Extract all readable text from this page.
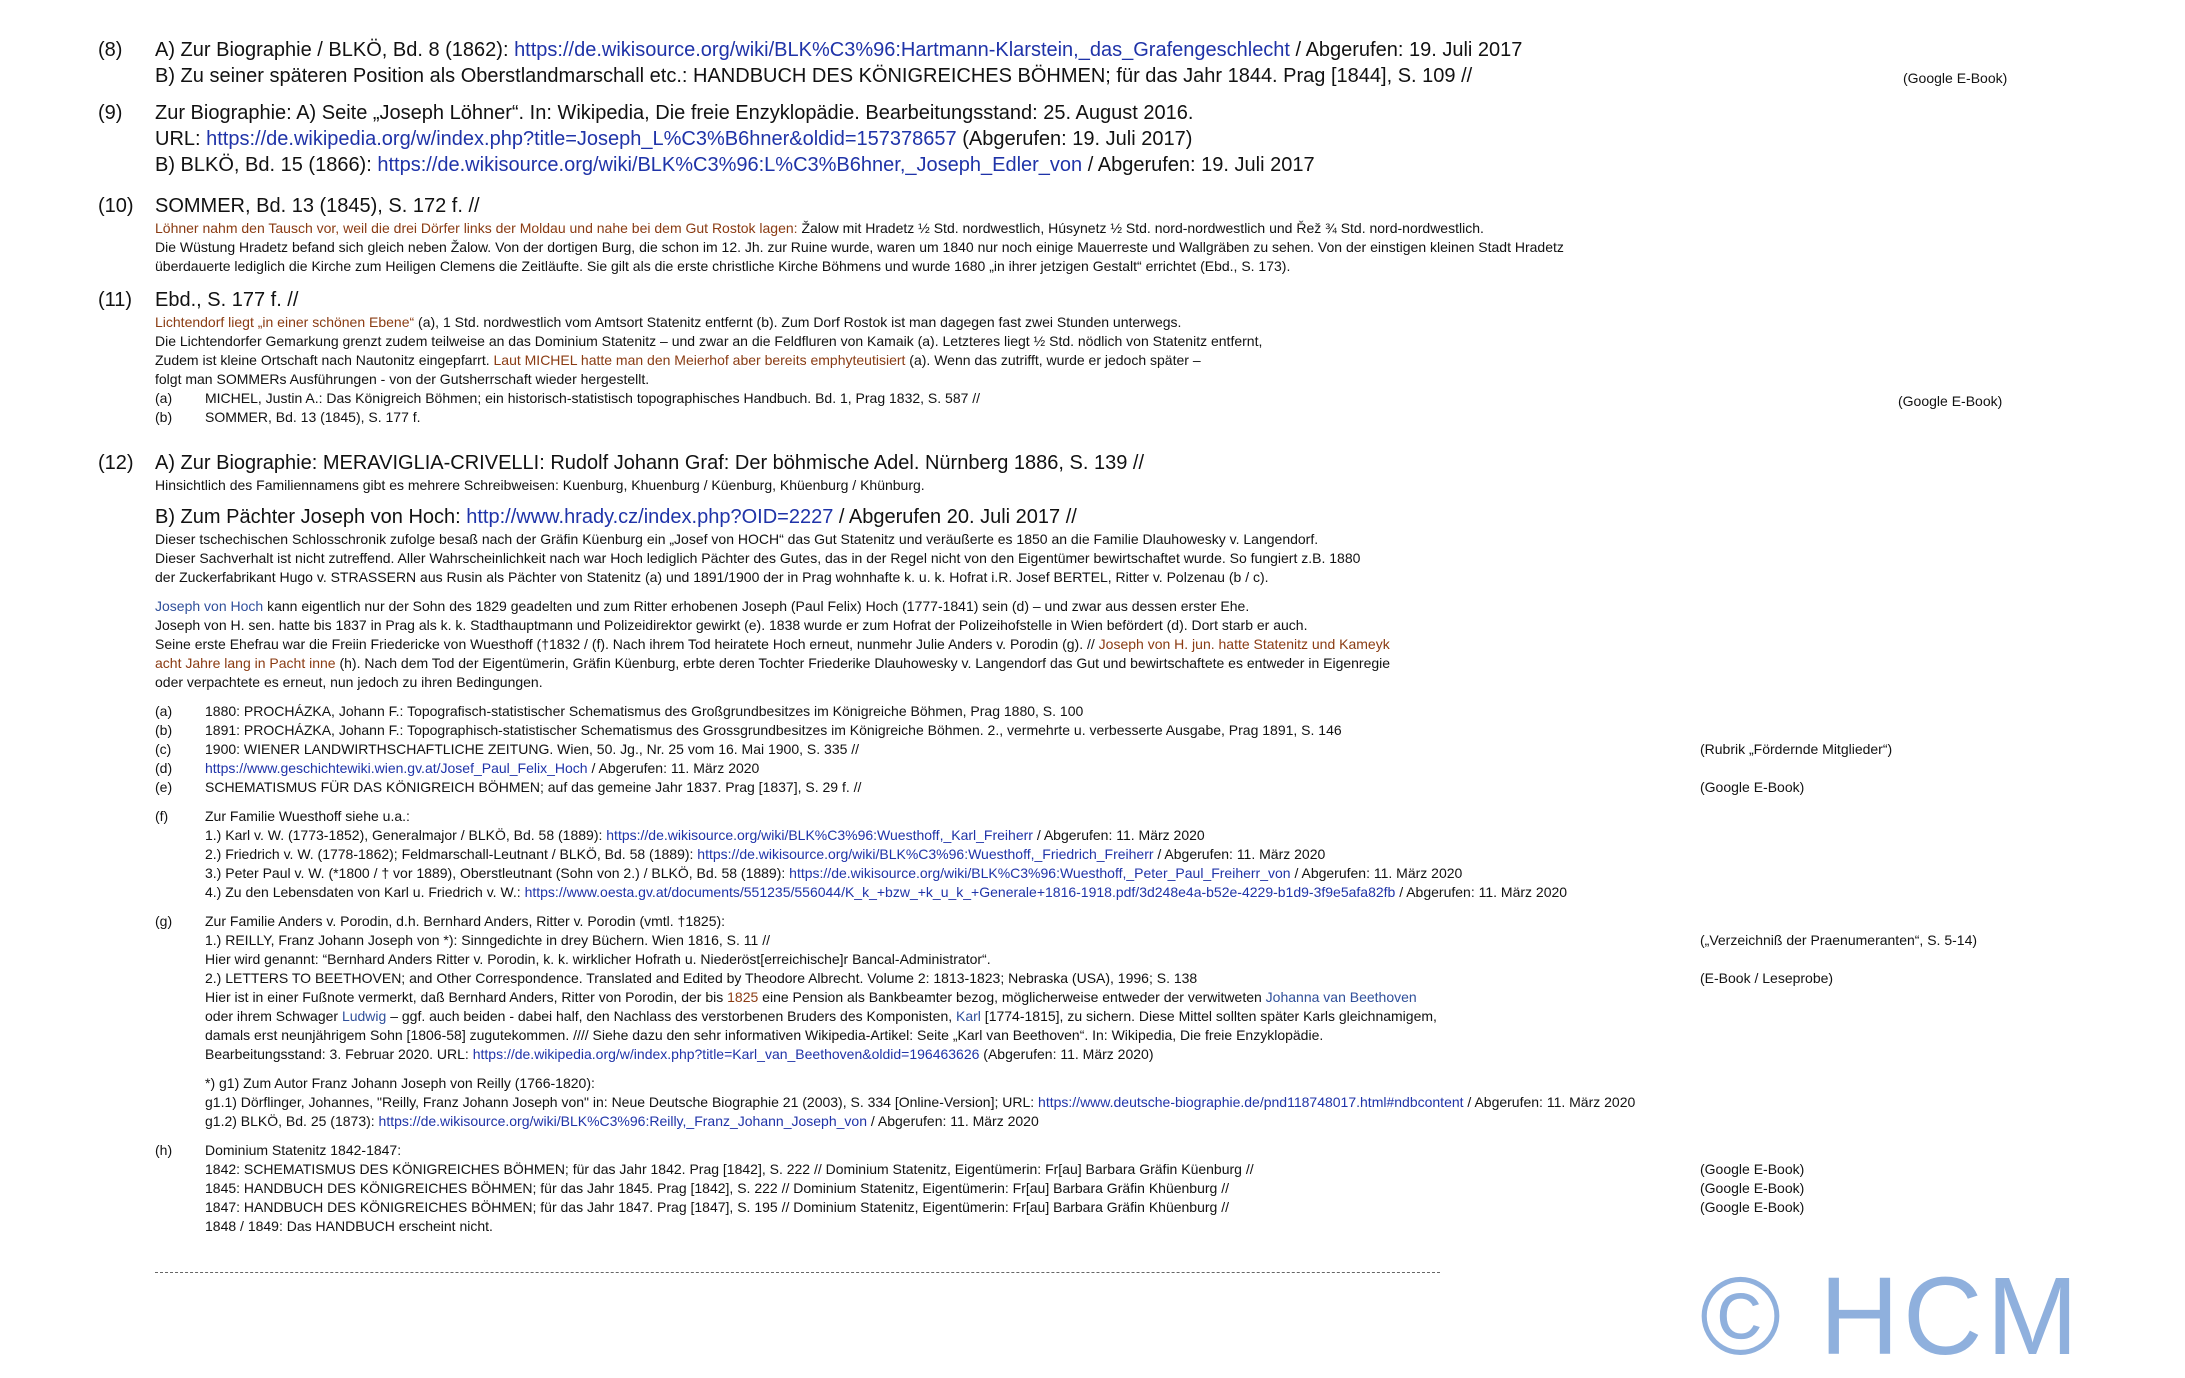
(8) A) Zur Biographie / BLKÖ, Bd. 8 (1862): https://de.wikisource.org/wiki/BLK%C3%96:Hartmann-Klarstein,_das_Grafengeschlecht / Abgerufen: 19. Juli 2017
B) Zu seiner späteren Position als Oberstlandmarschall etc.: HANDBUCH DES KÖNIGREICHES BÖHMEN; für das Jahr 1844. Prag [1844], S. 109 //	(Google E-Book)
(9) Zur Biographie: A) Seite „Joseph Löhner“. In: Wikipedia, Die freie Enzyklopädie. Bearbeitungsstand: 25. August 2016.
URL: https://de.wikipedia.org/w/index.php?title=Joseph_L%C3%B6hner&oldid=157378657 (Abgerufen: 19. Juli 2017)
B) BLKÖ, Bd. 15 (1866): https://de.wikisource.org/wiki/BLK%C3%96:L%C3%B6hner,_Joseph_Edler_von / Abgerufen: 19. Juli 2017
(10) SOMMER, Bd. 13 (1845), S. 172 f. //
Löhner nahm den Tausch vor, weil die drei Dörfer links der Moldau und nahe bei dem Gut Rostok lagen: Žalow mit Hradetz ½ Std. nordwestlich, Húsynetz ½ Std. nord-nordwestlich und Řež ¾ Std. nord-nordwestlich.
Die Wüstung Hradetz befand sich gleich neben Žalow. Von der dortigen Burg, die schon im 12. Jh. zur Ruine wurde, waren um 1840 nur noch einige Mauerreste und Wallgräben zu sehen. Von der einstigen kleinen Stadt Hradetz
überdauerte lediglich die Kirche zum Heiligen Clemens die Zeitläufte. Sie gilt als die erste christliche Kirche Böhmens und wurde 1680 „in ihrer jetzigen Gestalt“ errichtet (Ebd., S. 173).
(11) Ebd., S. 177 f. //
Lichtendorf liegt „in einer schönen Ebene“ (a), 1 Std. nordwestlich vom Amtsort Statenitz entfernt (b). Zum Dorf Rostok ist man dagegen fast zwei Stunden unterwegs.
Die Lichtendorfer Gemarkung grenzt zudem teilweise an das Dominium Statenitz – und zwar an die Feldfluren von Kamaik (a). Letzteres liegt ½ Std. nödlich von Statenitz entfernt,
Zudem ist kleine Ortschaft nach Nautonitz eingepfarrt. Laut MICHEL hatte man den Meierhof aber bereits emphyteutisiert (a). Wenn das zutrifft, wurde er jedoch später –
folgt man SOMMERs Ausführungen - von der Gutsherrschaft wieder hergestellt.
(a) MICHEL, Justin A.: Das Königreich Böhmen; ein historisch-statistisch topographisches Handbuch. Bd. 1, Prag 1832, S. 587 //
(b) SOMMER, Bd. 13 (1845), S. 177 f.
(Google E-Book)
(12) A) Zur Biographie: MERAVIGLIA-CRIVELLI: Rudolf Johann Graf: Der böhmische Adel. Nürnberg 1886, S. 139 //
Hinsichtlich des Familiennamens gibt es mehrere Schreibweisen: Kuenburg, Khuenburg / Küenburg, Khüenburg / Khünburg.
B) Zum Pächter Joseph von Hoch: http://www.hrady.cz/index.php?OID=2227 / Abgerufen 20. Juli 2017 //
Dieser tschechischen Schlosschronik zufolge besaß nach der Gräfin Küenburg ein „Josef von HOCH“ das Gut Statenitz und veräußerte es 1850 an die Familie Dlauhowesky v. Langendorf.
Dieser Sachverhalt ist nicht zutreffend. Aller Wahrscheinlichkeit nach war Hoch lediglich Pächter des Gutes, das in der Regel nicht von den Eigentümer bewirtschaftet wurde. So fungiert z.B. 1880
der Zuckerfabrikant Hugo v. STRASSERN aus Rusin als Pächter von Statenitz (a) und 1891/1900 der in Prag wohnhafte k. u. k. Hofrat i.R. Josef BERTEL, Ritter v. Polzenau (b / c).
Joseph von Hoch kann eigentlich nur der Sohn des 1829 geadelten und zum Ritter erhobenen Joseph (Paul Felix) Hoch (1777-1841) sein (d) – und zwar aus dessen erster Ehe.
Joseph von H. sen. hatte bis 1837 in Prag als k. k. Stadthauptmann und Polizeidirektor gewirkt (e). 1838 wurde er zum Hofrat der Polizeihofstelle in Wien befördert (d). Dort starb er auch.
Seine erste Ehefrau war die Freiin Friedericke von Wuesthoff (†1832 / (f). Nach ihrem Tod heiratete Hoch erneut, nunmehr Julie Anders v. Porodin (g). // Joseph von H. jun. hatte Statenitz und Kameyk
acht Jahre lang in Pacht inne (h). Nach dem Tod der Eigentümerin, Gräfin Küenburg, erbte deren Tochter Friederike Dlauhowesky v. Langendorf das Gut und bewirtschaftete es entweder in Eigenregie
oder verpachtete es erneut, nun jedoch zu ihren Bedingungen.
(a) 1880: PROCHÁZKA, Johann F.: Topografisch-statistischer Schematismus des Großgrundbesitzes im Königreiche Böhmen, Prag 1880, S. 100
(b) 1891: PROCHÁZKA, Johann F.: Topographisch-statistischer Schematismus des Grossgrundbesitzes im Königreiche Böhmen. 2., vermehrte u. verbesserte Ausgabe, Prag 1891, S. 146
(c) 1900: WIENER LANDWIRTHSCHAFTLICHE ZEITUNG. Wien, 50. Jg., Nr. 25 vom 16. Mai 1900, S. 335 //	(Rubrik „Fördernde Mitglieder“)
(d) https://www.geschichtewiki.wien.gv.at/Josef_Paul_Felix_Hoch / Abgerufen: 11. März 2020
(e) SCHEMATISMUS FÜR DAS KÖNIGREICH BÖHMEN; auf das gemeine Jahr 1837. Prag [1837], S. 29 f. //	(Google E-Book)
(f)	Zur Familie Wuesthoff siehe u.a.:
1.) Karl v. W. (1773-1852), Generalmajor / BLKÖ, Bd. 58 (1889): https://de.wikisource.org/wiki/BLK%C3%96:Wuesthoff,_Karl_Freiherr / Abgerufen: 11. März 2020
2.) Friedrich v. W. (1778-1862); Feldmarschall-Leutnant / BLKÖ, Bd. 58 (1889): https://de.wikisource.org/wiki/BLK%C3%96:Wuesthoff,_Friedrich_Freiherr / Abgerufen: 11. März 2020
3.) Peter Paul v. W. (*1800 / † vor 1889), Oberstleutnant (Sohn von 2.) / BLKÖ, Bd. 58 (1889): https://de.wikisource.org/wiki/BLK%C3%96:Wuesthoff,_Peter_Paul_Freiherr_von / Abgerufen: 11. März 2020
4.) Zu den Lebensdaten von Karl u. Friedrich v. W.: https://www.oesta.gv.at/documents/551235/556044/K_k_+bzw_+k_u_k_+Generale+1816-1918.pdf/3d248e4a-b52e-4229-b1d9-3f9e5afa82fb / Abgerufen: 11. März 2020
(g) Zur Familie Anders v. Porodin, d.h. Bernhard Anders, Ritter v. Porodin (vmtl. †1825):
1.) REILLY, Franz Johann Joseph von *): Sinngedichte in drey Büchern. Wien 1816, S. 11 //	(„Verzeichniß der Praenumeranten“, S. 5-14)
Hier wird genannt: “Bernhard Anders Ritter v. Porodin, k. k. wirklicher Hofrath u. Niederöst[erreichische]r Bancal-Administrator“.
2.) LETTERS TO BEETHOVEN; and Other Correspondence. Translated and Edited by Theodore Albrecht. Volume 2: 1813-1823; Nebraska (USA), 1996; S. 138	(E-Book / Leseprobe)
Hier ist in einer Fußnote vermerkt, daß Bernhard Anders, Ritter von Porodin, der bis 1825 eine Pension als Bankbeamter bezog, möglicherweise entweder der verwitweten Johanna van Beethoven
oder ihrem Schwager Ludwig – ggf. auch beiden - dabei half, den Nachlass des verstorbenen Bruders des Komponisten, Karl [1774-1815], zu sichern. Diese Mittel sollten später Karls gleichnamigem,
damals erst neunjährigem Sohn [1806-58] zugutekommen. //// Siehe dazu den sehr informativen Wikipedia-Artikel: Seite „Karl van Beethoven“. In: Wikipedia, Die freie Enzyklopädie.
Bearbeitungsstand: 3. Februar 2020. URL: https://de.wikipedia.org/w/index.php?title=Karl_van_Beethoven&oldid=196463626 (Abgerufen: 11. März 2020)
*) g1) Zum Autor Franz Johann Joseph von Reilly (1766-1820):
g1.1) Dörflinger, Johannes, "Reilly, Franz Johann Joseph von" in: Neue Deutsche Biographie 21 (2003), S. 334 [Online-Version]; URL: https://www.deutsche-biographie.de/pnd118748017.html#ndbcontent / Abgerufen: 11. März 2020
g1.2) BLKÖ, Bd. 25 (1873): https://de.wikisource.org/wiki/BLK%C3%96:Reilly,_Franz_Johann_Joseph_von / Abgerufen: 11. März 2020
(h) Dominium Statenitz 1842-1847:
1842: SCHEMATISMUS DES KÖNIGREICHES BÖHMEN; für das Jahr 1842. Prag [1842], S. 222 // Dominium Statenitz, Eigentümerin: Fr[au] Barbara Gräfin Küenburg //	(Google E-Book)
1845: HANDBUCH DES KÖNIGREICHES BÖHMEN; für das Jahr 1845. Prag [1842], S. 222 // Dominium Statenitz, Eigentümerin: Fr[au] Barbara Gräfin Khüenburg //	(Google E-Book)
1847: HANDBUCH DES KÖNIGREICHES BÖHMEN; für das Jahr 1847. Prag [1847], S. 195 // Dominium Statenitz, Eigentümerin: Fr[au] Barbara Gräfin Khüenburg //	(Google E-Book)
1848 / 1849: Das HANDBUCH erscheint nicht.
© HCM
